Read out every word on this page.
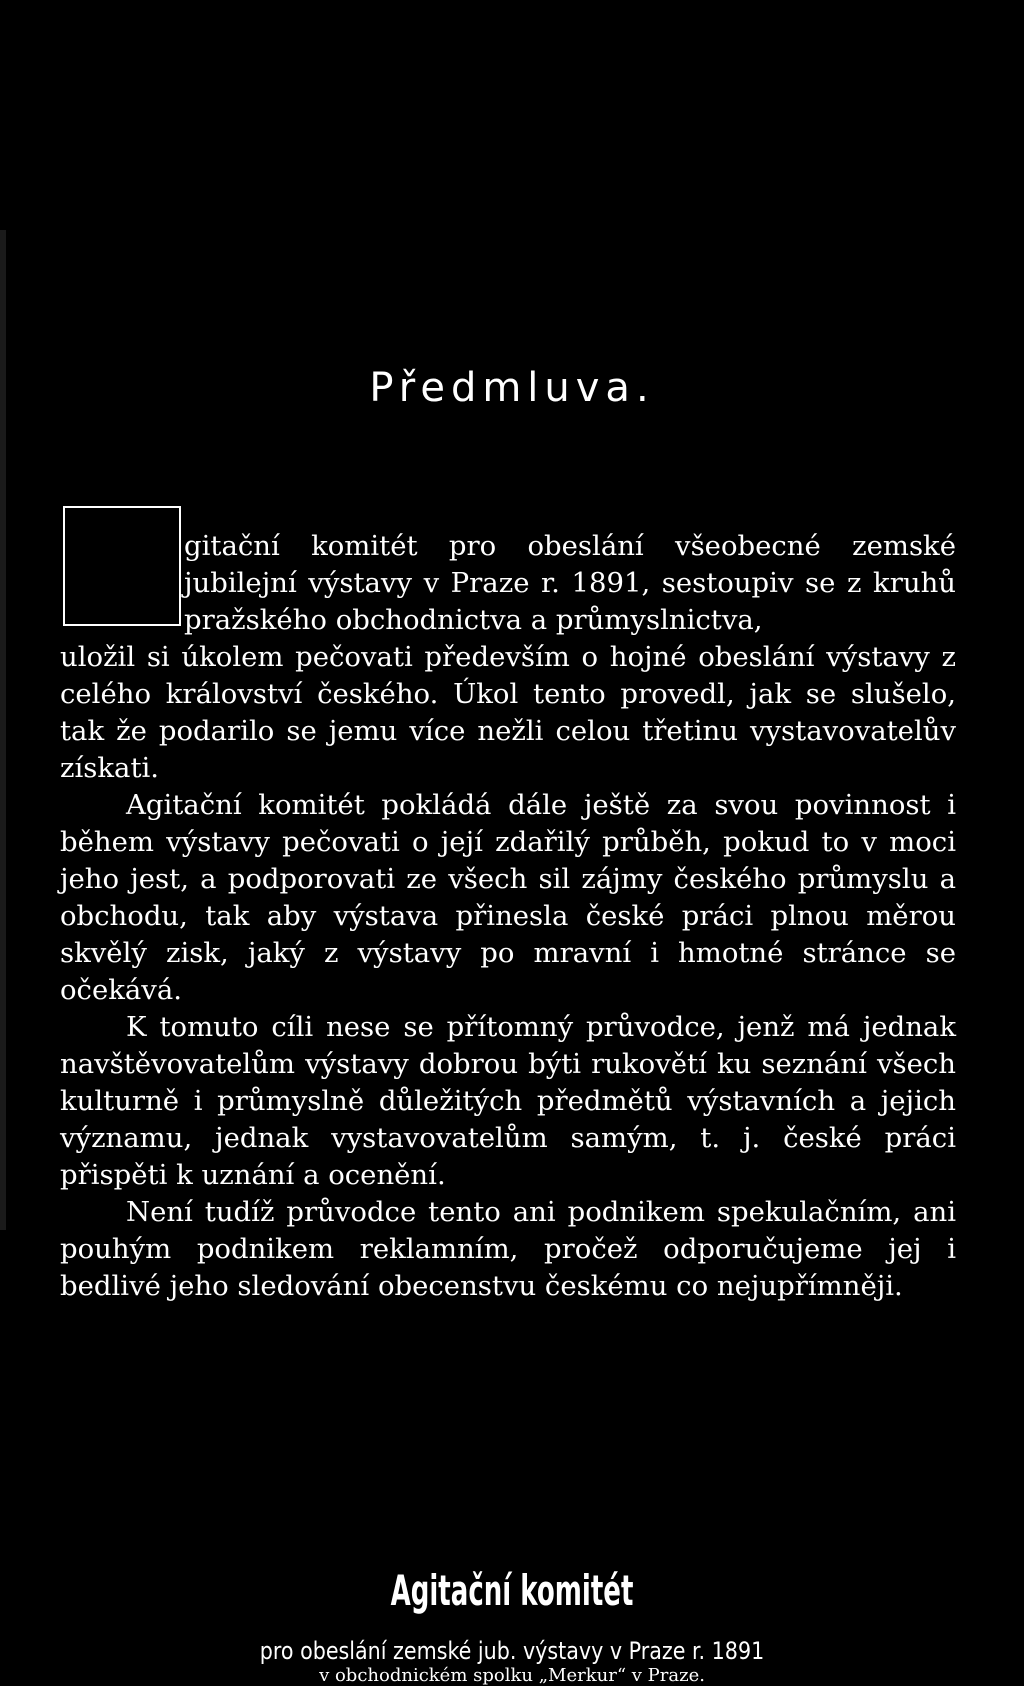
Předmluva.

gitační komitét pro obeslání všeobecné zemské jubilejní výstavy v Praze r. 1891, sestoupiv se z kruhů pražského obchodnictva a průmyslnictva,

uložil si úkolem pečovati především o hojné obeslání výstavy z celého království českého. Úkol tento provedl, jak se slušelo, tak že podarilo se jemu více nežli celou třetinu vystavovatelův získati.

Agitační komitét pokládá dále ještě za svou povinnost i během výstavy pečovati o její zdařilý průběh, pokud to v moci jeho jest, a podporovati ze všech sil zájmy českého průmyslu a obchodu, tak aby výstava přinesla české práci plnou měrou skvělý zisk, jaký z výstavy po mravní i hmotné stránce se očekává.

K tomuto cíli nese se přítomný průvodce, jenž má jednak navštěvovatelům výstavy dobrou býti rukovětí ku seznání všech kulturně i průmyslně důležitých předmětů výstavních a jejich významu, jednak vystavovatelům samým, t. j. české práci přispěti k uznání a ocenění.

Není tudíž průvodce tento ani podnikem spekulačním, ani pouhým podnikem reklamním, pročež odporučujeme jej i bedlivé jeho sledování obecenstvu českému co nejupřímněji.

Agitační komitét
pro obeslání zemské jub. výstavy v Praze r. 1891
v obchodnickém spolku „Merkur“ v Praze.
